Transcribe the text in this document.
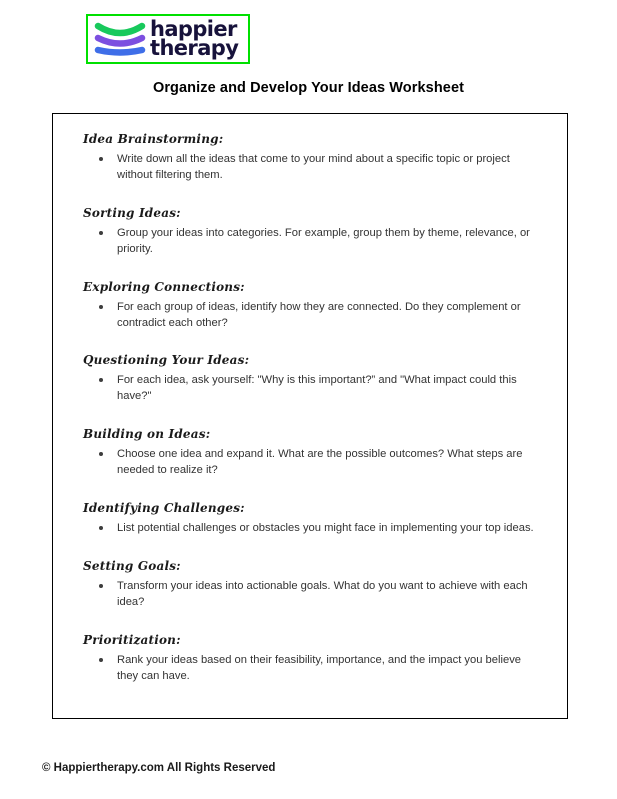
happier
therapy
Organize and Develop Your Ideas Worksheet
Idea Brainstorming:
Write down all the ideas that come to your mind about a specific topic or project without filtering them.
Sorting Ideas:
Group your ideas into categories. For example, group them by theme, relevance, or priority.
Exploring Connections:
For each group of ideas, identify how they are connected. Do they complement or contradict each other?
Questioning Your Ideas:
For each idea, ask yourself: "Why is this important?” and "What impact could this have?"
Building on Ideas:
Choose one idea and expand it. What are the possible outcomes? What steps are needed to realize it?
Identifying Challenges:
List potential challenges or obstacles you might face in implementing your top ideas.
Setting Goals:
Transform your ideas into actionable goals. What do you want to achieve with each idea?
Prioritization:
Rank your ideas based on their feasibility, importance, and the impact you believe they can have.
© Happiertherapy.com All Rights Reserved
